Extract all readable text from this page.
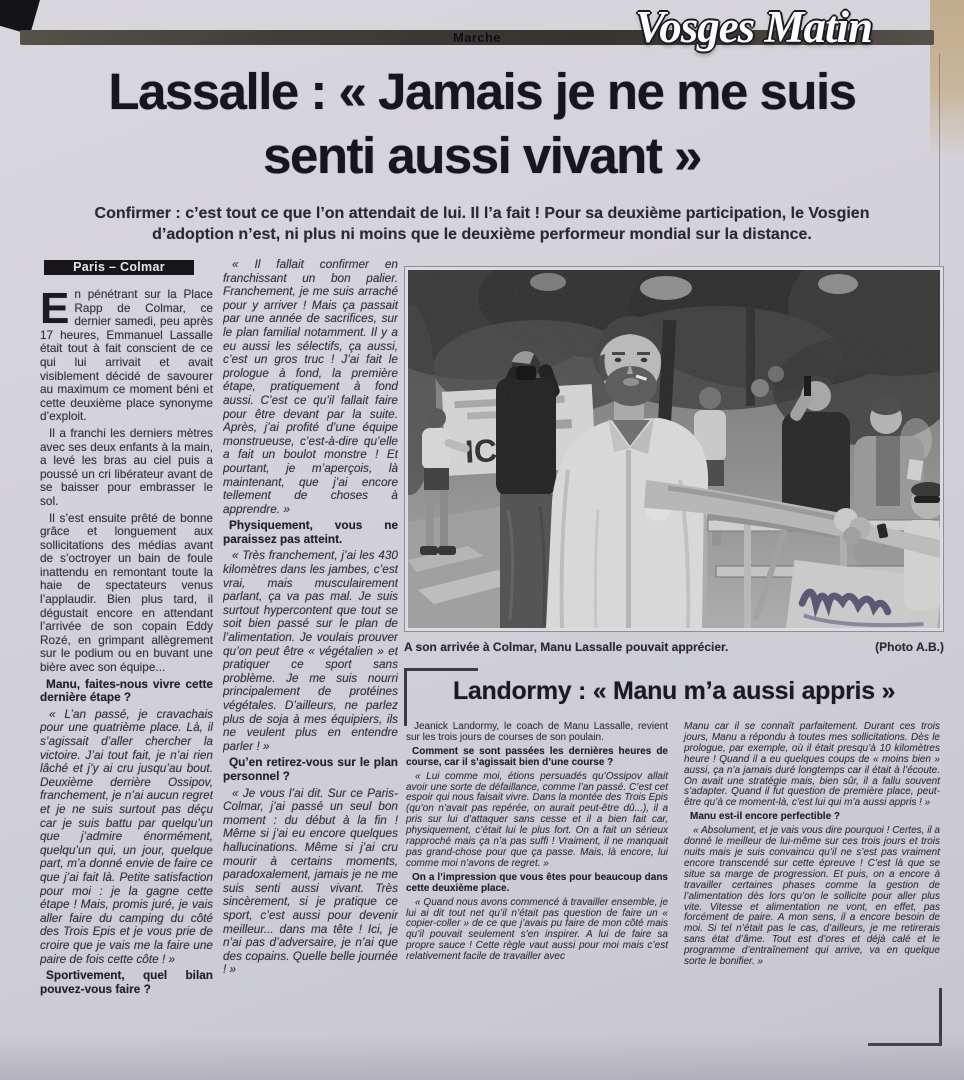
Marche	Vosges Matin
Lassalle : « Jamais je ne me suis
senti aussi vivant »

Confirmer : c’est tout ce que l’on attendait de lui. Il l’a fait ! Pour sa deuxième participation, le Vosgien d’adoption n’est, ni plus ni moins que le deuxième performeur mondial sur la distance.

Paris – Colmar

En pénétrant sur la Place Rapp de Colmar, ce dernier samedi, peu après 17 heures, Emmanuel Lassalle était tout à fait conscient de ce qui lui arrivait et avait visiblement décidé de savourer au maximum ce moment béni et cette deuxième place synonyme d’exploit.

Il a franchi les derniers mètres avec ses deux enfants à la main, a levé les bras au ciel puis a poussé un cri libérateur avant de se baisser pour embrasser le sol.

Il s’est ensuite prêté de bonne grâce et longuement aux sollicitations des médias avant de s’octroyer un bain de foule inattendu en remontant toute la haie de spectateurs venus l’applaudir. Bien plus tard, il dégustait encore en attendant l’arrivée de son copain Eddy Rozé, en grimpant allègrement sur le podium ou en buvant une bière avec son équipe...

Manu, faites-nous vivre cette dernière étape ?

« L’an passé, je cravachais pour une quatrième place. Là, il s’agissait d’aller chercher la victoire. J’ai tout fait, je n’ai rien lâché et j’y ai cru jusqu’au bout. Deuxième derrière Ossipov, franchement, je n’ai aucun regret et je ne suis surtout pas déçu car je suis battu par quelqu’un que j’admire énormément, quelqu’un qui, un jour, quelque part, m’a donné envie de faire ce que j’ai fait là. Petite satisfaction pour moi : je la gagne cette étape ! Mais, promis juré, je vais aller faire du camping du côté des Trois Epis et je vous prie de croire que je vais me la faire une paire de fois cette côte ! »

Sportivement, quel bilan pouvez-vous faire ?

« Il fallait confirmer en franchissant un bon palier. Franchement, je me suis arraché pour y arriver ! Mais ça passait par une année de sacrifices, sur le plan familial notamment. Il y a eu aussi les sélectifs, ça aussi, c’est un gros truc ! J’ai fait le prologue à fond, la première étape, pratiquement à fond aussi. C’est ce qu’il fallait faire pour être devant par la suite. Après, j’ai profité d’une équipe monstrueuse, c’est-à-dire qu’elle a fait un boulot monstre ! Et pourtant, je m’aperçois, là maintenant, que j’ai encore tellement de choses à apprendre. »

Physiquement, vous ne paraissez pas atteint.

« Très franchement, j’ai les 430 kilomètres dans les jambes, c’est vrai, mais musculairement parlant, ça va pas mal. Je suis surtout hypercontent que tout se soit bien passé sur le plan de l’alimentation. Je voulais prouver qu’on peut être « végétalien » et pratiquer ce sport sans problème. Je me suis nourri principalement de protéines végétales. D’ailleurs, ne parlez plus de soja à mes équipiers, ils ne veulent plus en entendre parler ! »

Qu’en retirez-vous sur le plan personnel ?

« Je vous l’ai dit. Sur ce Paris-Colmar, j’ai passé un seul bon moment : du début à la fin ! Même si j’ai eu encore quelques hallucinations. Même si j’ai cru mourir à certains moments, paradoxalement, jamais je ne me suis senti aussi vivant. Très sincèrement, si je pratique ce sport, c’est aussi pour devenir meilleur... dans ma tête ! Ici, je n’ai pas d’adversaire, je n’ai que des copains. Quelle belle journée ! »

A son arrivée à Colmar, Manu Lassalle pouvait apprécier.	(Photo A.B.)
Landormy : « Manu m’a aussi appris »

Jeanick Landormy, le coach de Manu Lassalle, revient sur les trois jours de courses de son poulain.

Comment se sont passées les dernières heures de course, car il s’agissait bien d’une course ?

« Lui comme moi, étions persuadés qu’Ossipov allait avoir une sorte de défaillance, comme l’an passé. C’est cet espoir qui nous faisait vivre. Dans la montée des Trois Epis (qu’on n’avait pas repérée, on aurait peut-être dû...), il a pris sur lui d’attaquer sans cesse et il a bien fait car, physiquement, c’était lui le plus fort. On a fait un sérieux rapproché mais ça n’a pas suffi ! Vraiment, il ne manquait pas grand-chose pour que ça passe. Mais, là encore, lui comme moi n’avons de regret. »

On a l’impression que vous êtes pour beaucoup dans cette deuxième place.

« Quand nous avons commencé à travailler ensemble, je lui ai dit tout net qu’il n’était pas question de faire un « copier-coller » de ce que j’avais pu faire de mon côté mais qu’il pouvait seulement s’en inspirer. A lui de faire sa propre sauce ! Cette règle vaut aussi pour moi mais c’est relativement facile de travailler avec

Manu car il se connaît parfaitement. Durant ces trois jours, Manu a répondu à toutes mes sollicitations. Dès le prologue, par exemple, où il était presqu’à 10 kilomètres heure ! Quand il a eu quelques coups de « moins bien » aussi, ça n’a jamais duré longtemps car il était à l’écoute. On avait une stratégie mais, bien sûr, il a fallu souvent s’adapter. Quand il fut question de première place, peut-être qu’à ce moment-là, c’est lui qui m’a aussi appris ! »

Manu est-il encore perfectible ?

« Absolument, et je vais vous dire pourquoi ! Certes, il a donné le meilleur de lui-même sur ces trois jours et trois nuits mais je suis convaincu qu’il ne s’est pas vraiment encore transcendé sur cette épreuve ! C’est là que se situe sa marge de progression. Et puis, on a encore à travailler certaines phases comme la gestion de l’alimentation dès lors qu’on le sollicite pour aller plus vite. Vitesse et alimentation ne vont, en effet, pas forcément de paire. A mon sens, il a encore besoin de moi. Si tel n’était pas le cas, d’ailleurs, je me retirerais sans état d’âme. Tout est d’ores et déjà calé et le programme d’entraînement qui arrive, va en quelque sorte le bonifier. »
